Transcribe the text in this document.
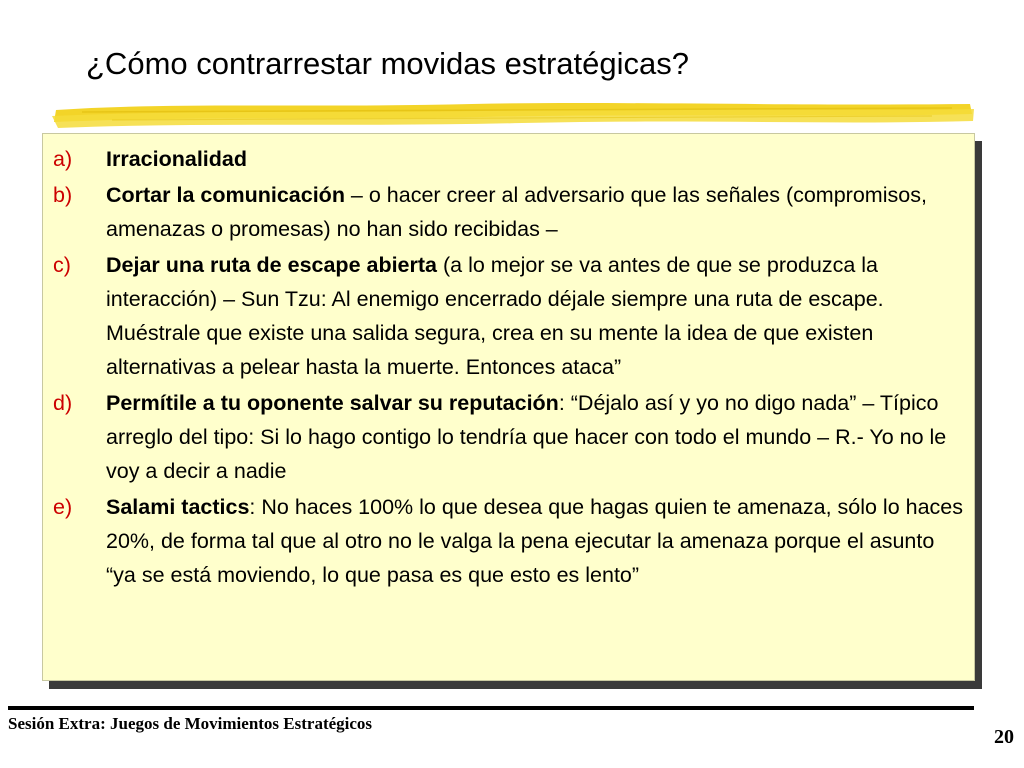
¿Cómo contrarrestar movidas estratégicas?
a) Irracionalidad
b) Cortar la comunicación – o hacer creer al adversario que las señales (compromisos, amenazas o promesas) no han sido recibidas –
c) Dejar una ruta de escape abierta (a lo mejor se va antes de que se produzca la interacción) – Sun Tzu: Al enemigo encerrado déjale siempre una ruta de escape. Muéstrale que existe una salida segura, crea en su mente la idea de que existen alternativas a pelear hasta la muerte. Entonces ataca”
d) Permítile a tu oponente salvar su reputación: “Déjalo así y yo no digo nada” – Típico arreglo del tipo: Si lo hago contigo lo tendría que hacer con todo el mundo – R.- Yo no le voy a decir a nadie
e) Salami tactics: No haces 100% lo que desea que hagas quien te amenaza, sólo lo haces 20%, de forma tal que al otro no le valga la pena ejecutar la amenaza porque el asunto “ya se está moviendo, lo que pasa es que esto es lento”
Sesión Extra: Juegos de Movimientos Estratégicos
20
